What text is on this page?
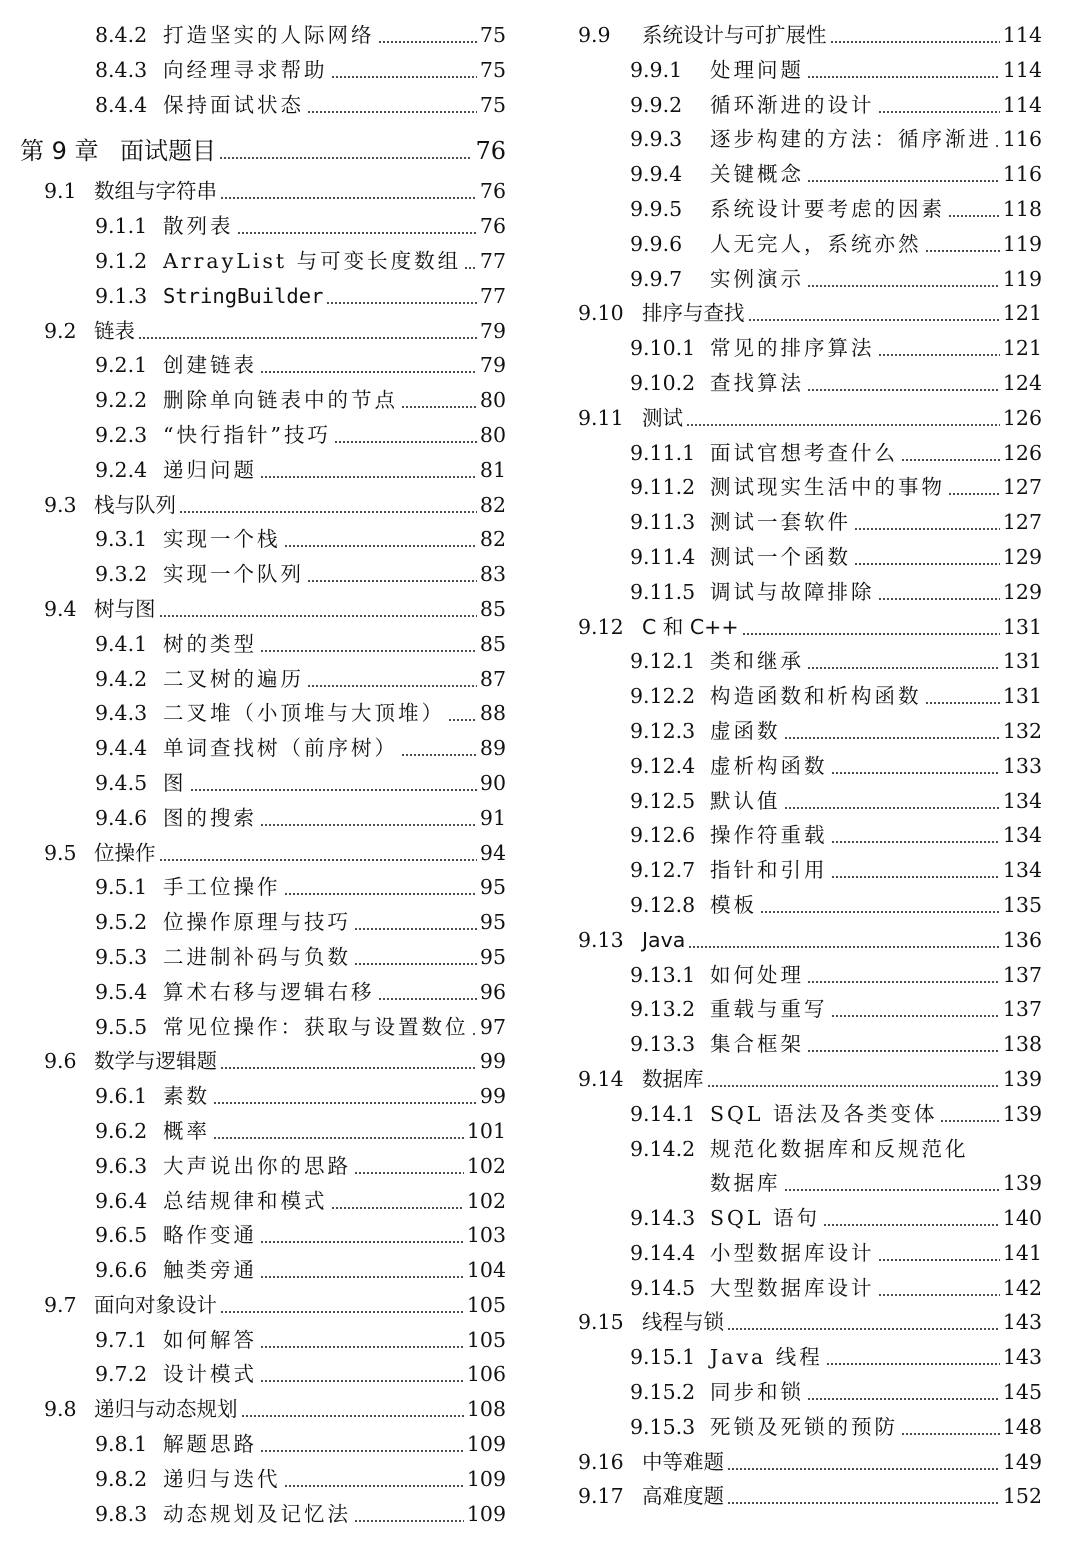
8.4.2 打造坚实的人际网络	75
8.4.3 向经理寻求帮助	75
8.4.4 保持面试状态	75
第 9 章 面试题目	76
9.1 数组与字符串	76
9.1.1 散列表	76
9.1.2 ArrayList 与可变长度数组 77
9.1.3 StringBuilder	77
9.2 链表	79
9.2.1 创建链表	79
9.2.2 删除单向链表中的节点	80
9.2.3 “快行指针”技巧	80
9.2.4 递归问题	81
9.3 栈与队列	82
9.3.1 实现一个栈	82
9.3.2 实现一个队列	83
9.4 树与图	85
9.4.1 树的类型	85
9.4.2 二叉树的遍历	87
9.4.3 二叉堆（小顶堆与大顶堆） 88
9.4.4 单词查找树（前序树）	89
9.4.5 图	90
9.4.6 图的搜索	91
9.5 位操作	94
9.5.1 手工位操作	95
9.5.2 位操作原理与技巧	95
9.5.3 二进制补码与负数	95
9.5.4 算术右移与逻辑右移	96
9.5.5 常见位操作：获取与设置数位 97
9.6 数学与逻辑题	99
9.6.1 素数	99
9.6.2 概率	101
9.6.3 大声说出你的思路	102
9.6.4 总结规律和模式	102
9.6.5 略作变通	103
9.6.6 触类旁通	104
9.7 面向对象设计	105
9.7.1 如何解答	105
9.7.2 设计模式	106
9.8 递归与动态规划	108
9.8.1 解题思路	109
9.8.2 递归与迭代	109
9.8.3 动态规划及记忆法	109
9.9	系统设计与可扩展性	114
9.9.1	处理问题	114
9.9.2	循环渐进的设计	114
9.9.3	逐步构建的方法：循序渐进 116
9.9.4	关键概念	116
9.9.5	系统设计要考虑的因素	118
9.9.6	人无完人，系统亦然	119
9.9.7	实例演示	119
9.10 排序与查找	121
9.10.1 常见的排序算法	121
9.10.2 查找算法	124
9.11 测试	126
9.11.1 面试官想考查什么	126
9.11.2 测试现实生活中的事物	127
9.11.3 测试一套软件	127
9.11.4 测试一个函数	129
9.11.5 调试与故障排除	129
9.12 C 和 C++	131
9.12.1 类和继承	131
9.12.2 构造函数和析构函数	131
9.12.3 虚函数	132
9.12.4 虚析构函数	133
9.12.5 默认值	134
9.12.6 操作符重载	134
9.12.7 指针和引用	134
9.12.8 模板	135
9.13 Java	136
9.13.1 如何处理	137
9.13.2 重载与重写	137
9.13.3 集合框架	138
9.14 数据库	139
9.14.1 SQL 语法及各类变体	139
9.14.2 规范化数据库和反规范化
数据库	139
9.14.3 SQL 语句	140
9.14.4 小型数据库设计	141
9.14.5 大型数据库设计	142
9.15 线程与锁	143
9.15.1 Java 线程	143
9.15.2 同步和锁	145
9.15.3 死锁及死锁的预防	148
9.16 中等难题	149
9.17 高难度题	152
